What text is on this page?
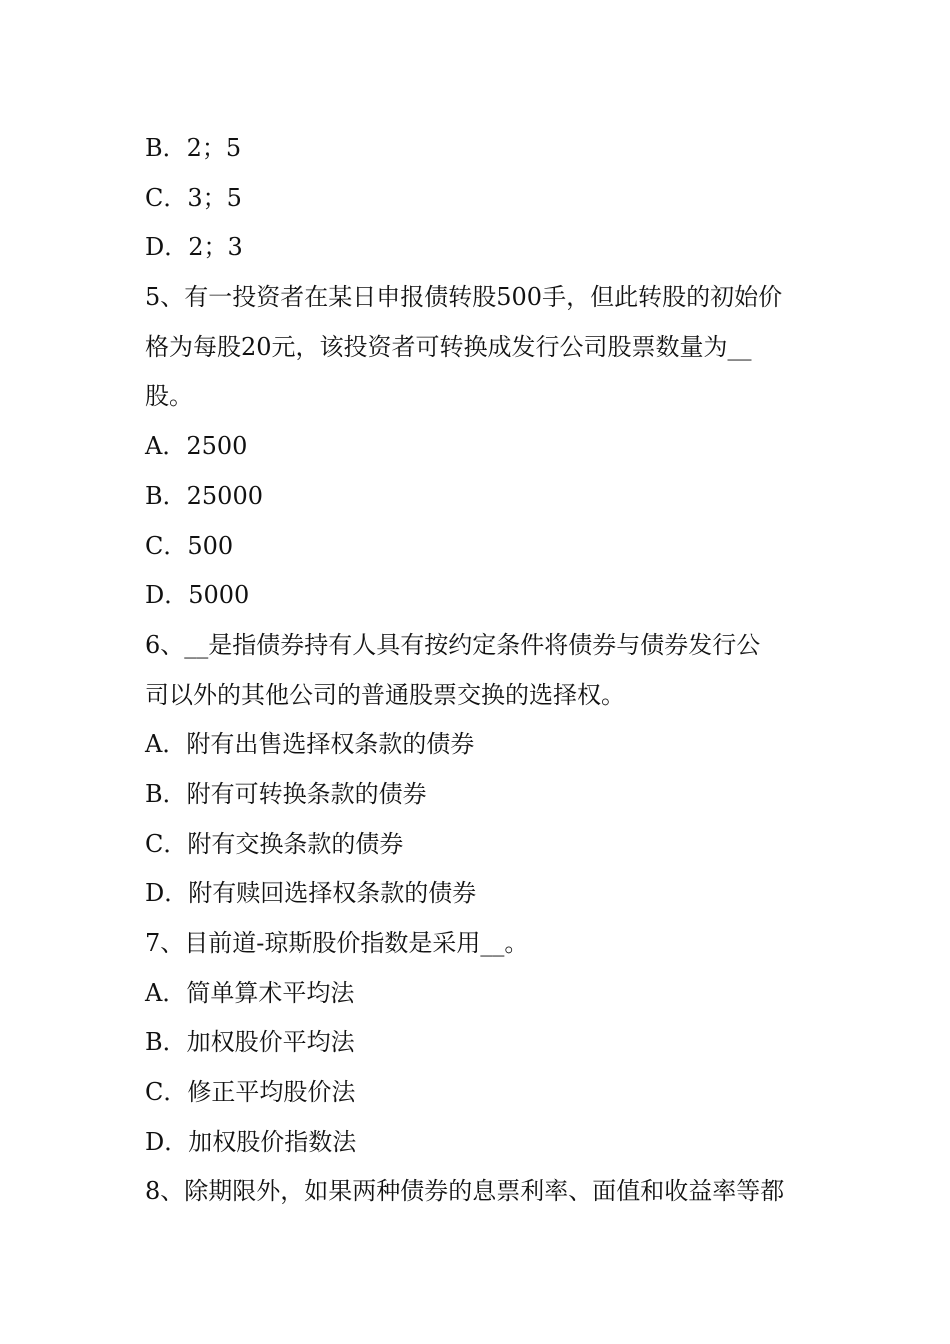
B．2；5
C．3；5
D．2；3
5、有一投资者在某日申报债转股500手，但此转股的初始价
格为每股20元，该投资者可转换成发行公司股票数量为__
股。
A．2500
B．25000
C．500
D．5000
6、__是指债券持有人具有按约定条件将债券与债券发行公
司以外的其他公司的普通股票交换的选择权。
A．附有出售选择权条款的债券
B．附有可转换条款的债券
C．附有交换条款的债券
D．附有赎回选择权条款的债券
7、目前道-琼斯股价指数是采用__。
A．简单算术平均法
B．加权股价平均法
C．修正平均股价法
D．加权股价指数法
8、除期限外，如果两种债券的息票利率、面值和收益率等都
